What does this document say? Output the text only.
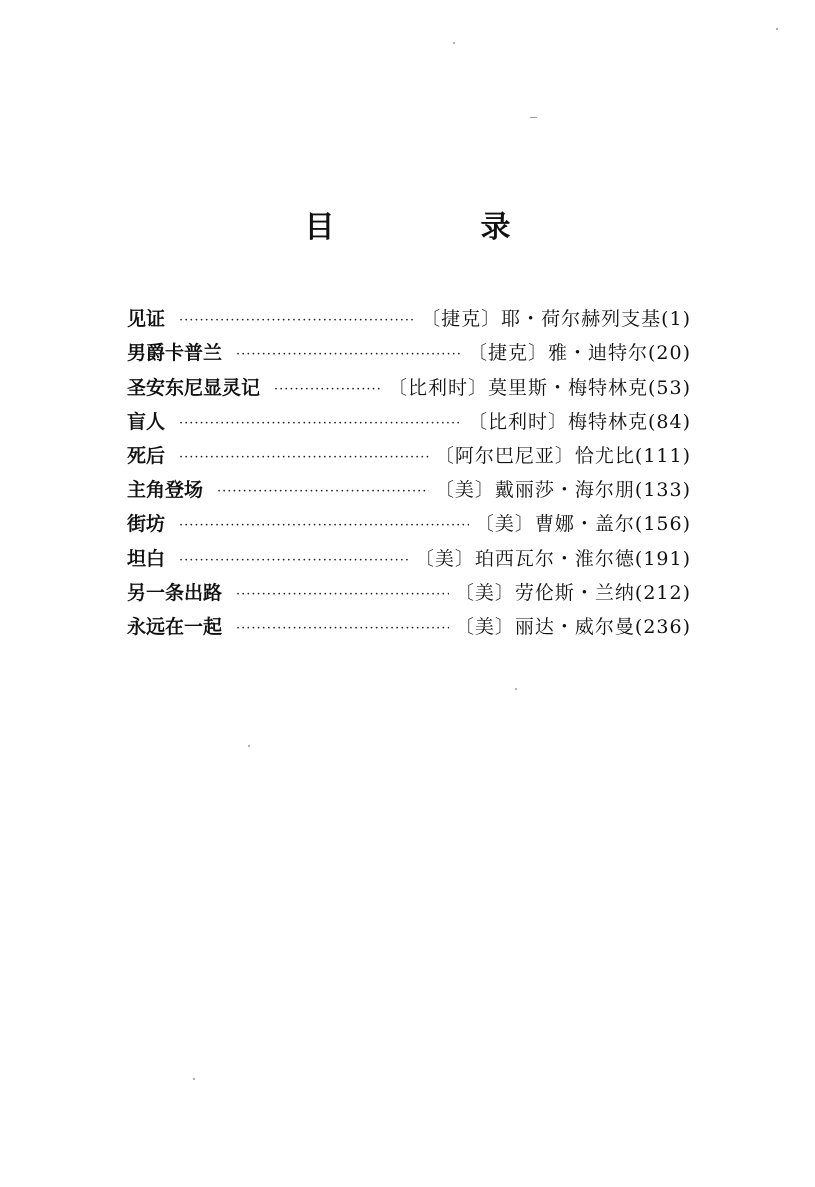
目　录
见证 ·····	〔捷克〕耶・荷尔赫列支基(1)
男爵卡普兰 ·····	〔捷克〕雅・迪特尔(20)
圣安东尼显灵记 ·····	〔比利时〕莫里斯・梅特林克(53)
盲人 ·····	〔比利时〕梅特林克(84)
死后 ·····	〔阿尔巴尼亚〕恰尤比(111)
主角登场 ·····	〔美〕戴丽莎・海尔朋(133)
街坊 ·····	〔美〕曹娜・盖尔(156)
坦白 ·····	〔美〕珀西瓦尔・淮尔德(191)
另一条出路 ·····	〔美〕劳伦斯・兰纳(212)
永远在一起 ·····	〔美〕丽达・威尔曼(236)
